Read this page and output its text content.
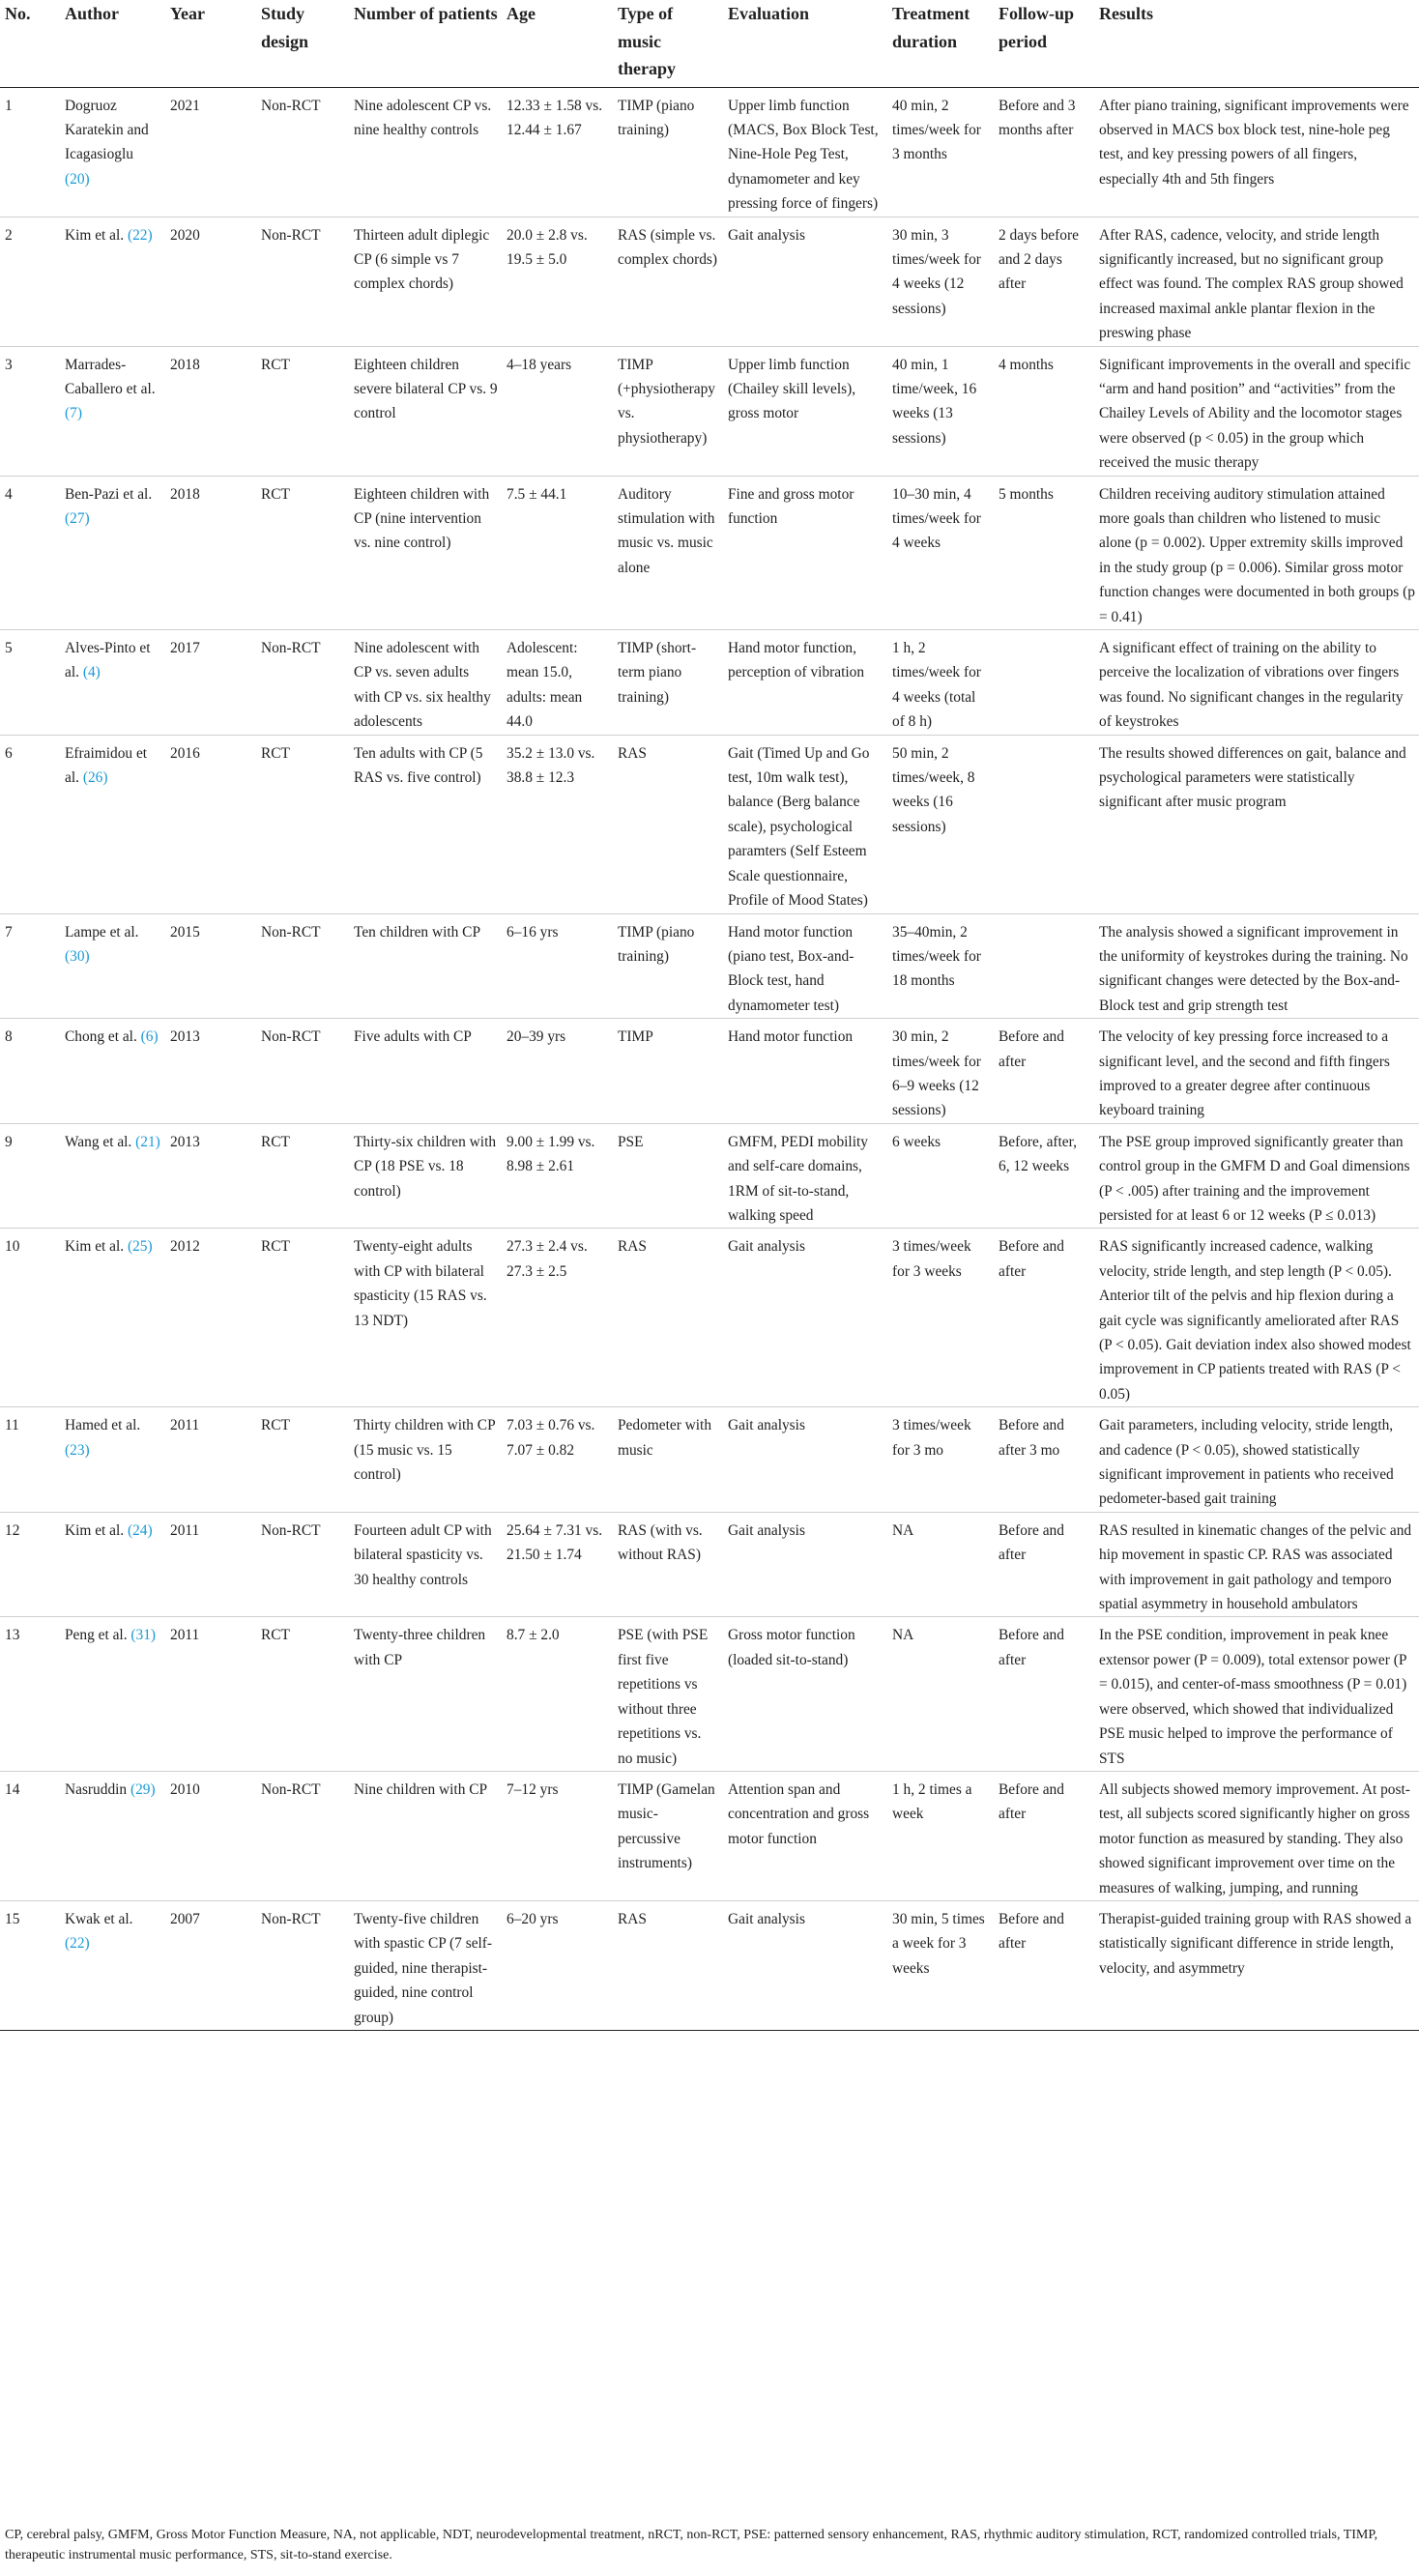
No.	Author	Year	Study design	Number of patients	Age	Type of music therapy	Evaluation	Treatment duration	Follow-up period	Results
1	Dogruoz Karatekin and Icagasioglu (20)	2021	Non-RCT	Nine adolescent CP vs. nine healthy controls	12.33 ± 1.58 vs. 12.44 ± 1.67	TIMP (piano training)	Upper limb function (MACS, Box Block Test, Nine-Hole Peg Test, dynamometer and key pressing force of fingers)	40 min, 2 times/week for 3 months	Before and 3 months after	After piano training, significant improvements were observed in MACS box block test, nine-hole peg test, and key pressing powers of all fingers, especially 4th and 5th fingers
2	Kim et al. (22)	2020	Non-RCT	Thirteen adult diplegic CP (6 simple vs 7 complex chords)	20.0 ± 2.8 vs. 19.5 ± 5.0	RAS (simple vs. complex chords)	Gait analysis	30 min, 3 times/week for 4 weeks (12 sessions)	2 days before and 2 days after	After RAS, cadence, velocity, and stride length significantly increased, but no significant group effect was found. The complex RAS group showed increased maximal ankle plantar flexion in the preswing phase
3	Marrades-Caballero et al. (7)	2018	RCT	Eighteen children severe bilateral CP vs. 9 control	4–18 years	TIMP (+physiotherapy vs. physiotherapy)	Upper limb function (Chailey skill levels), gross motor	40 min, 1 time/week, 16 weeks (13 sessions)	4 months	Significant improvements in the overall and specific “arm and hand position” and “activities” from the Chailey Levels of Ability and the locomotor stages were observed (p < 0.05) in the group which received the music therapy
4	Ben-Pazi et al. (27)	2018	RCT	Eighteen children with CP (nine intervention vs. nine control)	7.5 ± 44.1	Auditory stimulation with music vs. music alone	Fine and gross motor function	10–30 min, 4 times/week for 4 weeks	5 months	Children receiving auditory stimulation attained more goals than children who listened to music alone (p = 0.002). Upper extremity skills improved in the study group (p = 0.006). Similar gross motor function changes were documented in both groups (p = 0.41)
5	Alves-Pinto et al. (4)	2017	Non-RCT	Nine adolescent with CP vs. seven adults with CP vs. six healthy adolescents	Adolescent: mean 15.0, adults: mean 44.0	TIMP (short-term piano training)	Hand motor function, perception of vibration	1 h, 2 times/week for 4 weeks (total of 8 h)		A significant effect of training on the ability to perceive the localization of vibrations over fingers was found. No significant changes in the regularity of keystrokes
6	Efraimidou et al. (26)	2016	RCT	Ten adults with CP (5 RAS vs. five control)	35.2 ± 13.0 vs. 38.8 ± 12.3	RAS	Gait (Timed Up and Go test, 10m walk test), balance (Berg balance scale), psychological paramters (Self Esteem Scale questionnaire, Profile of Mood States)	50 min, 2 times/week, 8 weeks (16 sessions)		The results showed differences on gait, balance and psychological parameters were statistically significant after music program
7	Lampe et al. (30)	2015	Non-RCT	Ten children with CP	6–16 yrs	TIMP (piano training)	Hand motor function (piano test, Box-and-Block test, hand dynamometer test)	35–40min, 2 times/week for 18 months		The analysis showed a significant improvement in the uniformity of keystrokes during the training. No significant changes were detected by the Box-and-Block test and grip strength test
8	Chong et al. (6)	2013	Non-RCT	Five adults with CP	20–39 yrs	TIMP	Hand motor function	30 min, 2 times/week for 6–9 weeks (12 sessions)	Before and after	The velocity of key pressing force increased to a significant level, and the second and fifth fingers improved to a greater degree after continuous keyboard training
9	Wang et al. (21)	2013	RCT	Thirty-six children with CP (18 PSE vs. 18 control)	9.00 ± 1.99 vs. 8.98 ± 2.61	PSE	GMFM, PEDI mobility and self-care domains, 1RM of sit-to-stand, walking speed	6 weeks	Before, after, 6, 12 weeks	The PSE group improved significantly greater than control group in the GMFM D and Goal dimensions (P < .005) after training and the improvement persisted for at least 6 or 12 weeks (P ≤ 0.013)
10	Kim et al. (25)	2012	RCT	Twenty-eight adults with CP with bilateral spasticity (15 RAS vs. 13 NDT)	27.3 ± 2.4 vs. 27.3 ± 2.5	RAS	Gait analysis	3 times/week for 3 weeks	Before and after	RAS significantly increased cadence, walking velocity, stride length, and step length (P < 0.05). Anterior tilt of the pelvis and hip flexion during a gait cycle was significantly ameliorated after RAS (P < 0.05). Gait deviation index also showed modest improvement in CP patients treated with RAS (P < 0.05)
11	Hamed et al. (23)	2011	RCT	Thirty children with CP (15 music vs. 15 control)	7.03 ± 0.76 vs. 7.07 ± 0.82	Pedometer with music	Gait analysis	3 times/week for 3 mo	Before and after 3 mo	Gait parameters, including velocity, stride length, and cadence (P < 0.05), showed statistically significant improvement in patients who received pedometer-based gait training
12	Kim et al. (24)	2011	Non-RCT	Fourteen adult CP with bilateral spasticity vs. 30 healthy controls	25.64 ± 7.31 vs. 21.50 ± 1.74	RAS (with vs. without RAS)	Gait analysis	NA	Before and after	RAS resulted in kinematic changes of the pelvic and hip movement in spastic CP. RAS was associated with improvement in gait pathology and temporo spatial asymmetry in household ambulators
13	Peng et al. (31)	2011	RCT	Twenty-three children with CP	8.7 ± 2.0	PSE (with PSE first five repetitions vs without three repetitions vs. no music)	Gross motor function (loaded sit-to-stand)	NA	Before and after	In the PSE condition, improvement in peak knee extensor power (P = 0.009), total extensor power (P = 0.015), and center-of-mass smoothness (P = 0.01) were observed, which showed that individualized PSE music helped to improve the performance of STS
14	Nasruddin (29)	2010	Non-RCT	Nine children with CP	7–12 yrs	TIMP (Gamelan music-percussive instruments)	Attention span and concentration and gross motor function	1 h, 2 times a week	Before and after	All subjects showed memory improvement. At post-test, all subjects scored significantly higher on gross motor function as measured by standing. They also showed significant improvement over time on the measures of walking, jumping, and running
15	Kwak et al. (22)	2007	Non-RCT	Twenty-five children with spastic CP (7 self-guided, nine therapist-guided, nine control group)	6–20 yrs	RAS	Gait analysis	30 min, 5 times a week for 3 weeks	Before and after	Therapist-guided training group with RAS showed a statistically significant difference in stride length, velocity, and asymmetry
CP, cerebral palsy, GMFM, Gross Motor Function Measure, NA, not applicable, NDT, neurodevelopmental treatment, nRCT, non-RCT, PSE: patterned sensory enhancement, RAS, rhythmic auditory stimulation, RCT, randomized controlled trials, TIMP, therapeutic instrumental music performance, STS, sit-to-stand exercise.
